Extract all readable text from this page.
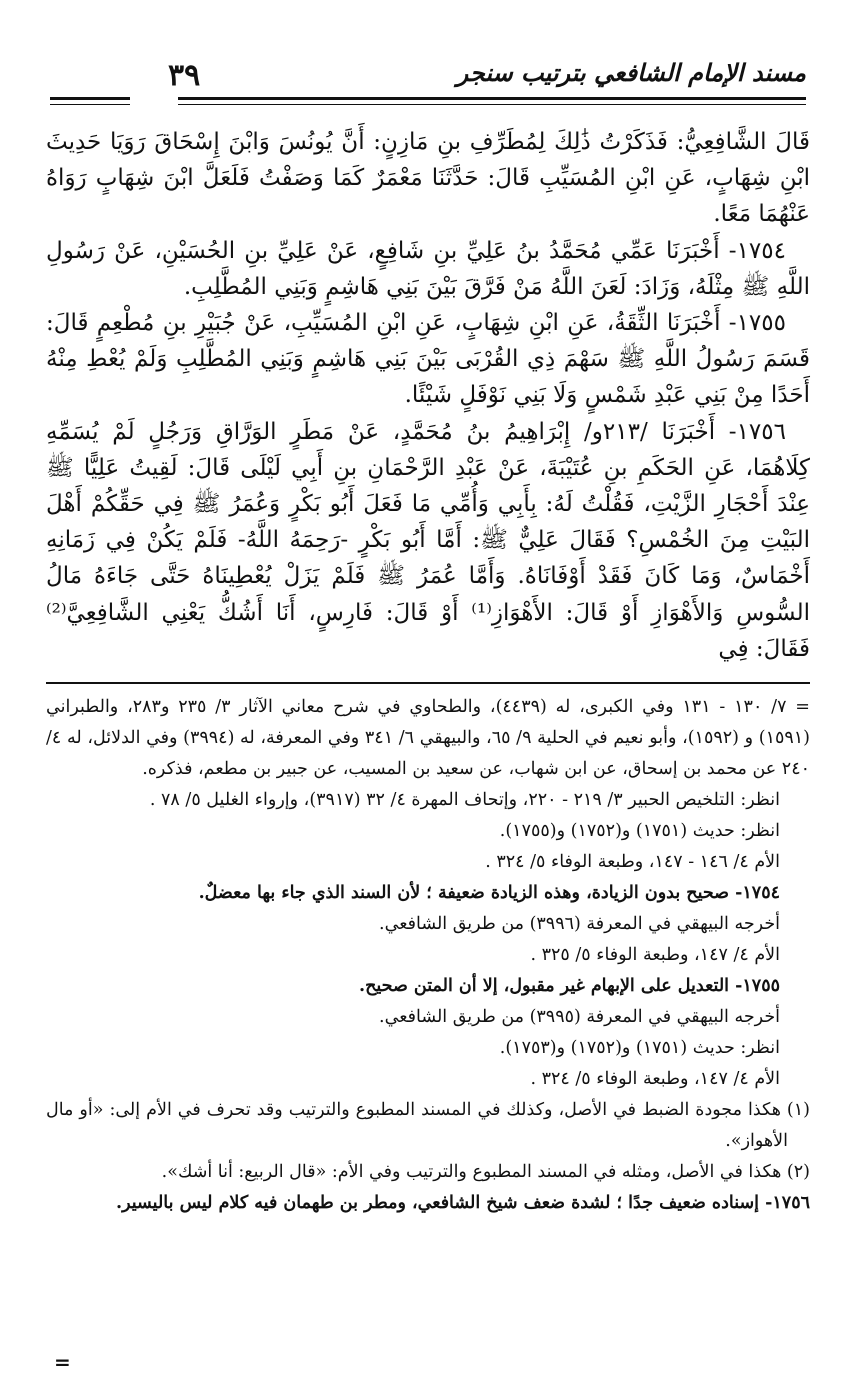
مسند الإمام الشافعي بترتيب سنجر
٣٩

قَالَ الشَّافِعِيُّ: فَذَكَرْتُ ذَٰلِكَ لِمُطَرِّفِ بنِ مَازِنٍ: أَنَّ يُونُسَ وَابْنَ إِسْحَاقَ رَوَيَا حَدِيثَ ابْنِ شِهَابٍ، عَنِ ابْنِ المُسَيِّبِ قَالَ: حَدَّثَنَا مَعْمَرٌ كَمَا وَصَفْتُ فَلَعَلَّ ابْنَ شِهَابٍ رَوَاهُ عَنْهُمَا مَعًا.

١٧٥٤- أَخْبَرَنَا عَمِّي مُحَمَّدُ بنُ عَلِيِّ بنِ شَافِعٍ، عَنْ عَلِيِّ بنِ الحُسَيْنِ، عَنْ رَسُولِ اللَّهِ ﷺ مِثْلَهُ، وَزَادَ: لَعَنَ اللَّهُ مَنْ فَرَّقَ بَيْنَ بَنِي هَاشِمٍ وَبَنِي المُطَّلِبِ.

١٧٥٥- أَخْبَرَنَا الثِّقَةُ، عَنِ ابْنِ شِهَابٍ، عَنِ ابْنِ المُسَيِّبِ، عَنْ جُبَيْرِ بنِ مُطْعِمٍ قَالَ: قَسَمَ رَسُولُ اللَّهِ ﷺ سَهْمَ ذِي القُرْبَى بَيْنَ بَنِي هَاشِمٍ وَبَنِي المُطَّلِبِ وَلَمْ يُعْطِ مِنْهُ أَحَدًا مِنْ بَنِي عَبْدِ شَمْسٍ وَلَا بَنِي نَوْفَلٍ شَيْئًا.

١٧٥٦- أَخْبَرَنَا /٢١٣و/ إِبْرَاهِيمُ بنُ مُحَمَّدٍ، عَنْ مَطَرٍ الوَرَّاقِ وَرَجُلٍ لَمْ يُسَمِّهِ كِلَاهُمَا، عَنِ الحَكَمِ بنِ عُتَيْبَةَ، عَنْ عَبْدِ الرَّحْمَانِ بنِ أَبِي لَيْلَى قَالَ: لَقِيتُ عَلِيًّا ﷺ عِنْدَ أَحْجَارِ الزَّيْتِ، فَقُلْتُ لَهُ: بِأَبِي وَأُمِّي مَا فَعَلَ أَبُو بَكْرٍ وَعُمَرُ ﷺ فِي حَقِّكُمْ أَهْلَ البَيْتِ مِنَ الخُمْسِ؟ فَقَالَ عَلِيٌّ ﷺ: أَمَّا أَبُو بَكْرٍ -رَحِمَهُ اللَّهُ- فَلَمْ يَكُنْ فِي زَمَانِهِ أَخْمَاسٌ، وَمَا كَانَ فَقَدْ أَوْفَانَاهُ. وَأَمَّا عُمَرُ ﷺ فَلَمْ يَزَلْ يُعْطِينَاهُ حَتَّى جَاءَهُ مَالُ السُّوسِ وَالأَهْوَازِ أَوْ قَالَ: الأَهْوَازِ⁽¹⁾ أَوْ قَالَ: فَارِسٍ، أَنَا أَشُكُّ يَعْنِي الشَّافِعِيَّ⁽²⁾ فَقَالَ: فِي

= ٧/ ١٣٠ - ١٣١ وفي الكبرى، له (٤٤٣٩)، والطحاوي في شرح معاني الآثار ٣/ ٢٣٥ و٢٨٣، والطبراني (١٥٩١) و (١٥٩٢)، وأبو نعيم في الحلية ٩/ ٦٥، والبيهقي ٦/ ٣٤١ وفي المعرفة، له (٣٩٩٤) وفي الدلائل، له ٤/ ٢٤٠ عن محمد بن إسحاق، عن ابن شهاب، عن سعيد بن المسيب، عن جبير بن مطعم، فذكره.

انظر: التلخيص الحبير ٣/ ٢١٩ - ٢٢٠، وإتحاف المهرة ٤/ ٣٢ (٣٩١٧)، وإرواء الغليل ٥/ ٧٨ .

انظر: حديث (١٧٥١) و(١٧٥٢) و(١٧٥٥).

الأم ٤/ ١٤٦ - ١٤٧، وطبعة الوفاء ٥/ ٣٢٤ .

١٧٥٤- صحيح بدون الزيادة، وهذه الزيادة ضعيفة ؛ لأن السند الذي جاء بها معضلٌ.

أخرجه البيهقي في المعرفة (٣٩٩٦) من طريق الشافعي.

الأم ٤/ ١٤٧، وطبعة الوفاء ٥/ ٣٢٥ .

١٧٥٥- التعديل على الإبهام غير مقبول، إلا أن المتن صحيح.

أخرجه البيهقي في المعرفة (٣٩٩٥) من طريق الشافعي.

انظر: حديث (١٧٥١) و(١٧٥٢) و(١٧٥٣).

الأم ٤/ ١٤٧، وطبعة الوفاء ٥/ ٣٢٤ .

(١) هكذا مجودة الضبط في الأصل، وكذلك في المسند المطبوع والترتيب وقد تحرف في الأم إلى: «أو مال الأهواز».

(٢) هكذا في الأصل، ومثله في المسند المطبوع والترتيب وفي الأم: «قال الربيع: أنا أشك».

١٧٥٦- إسناده ضعيف جدًا ؛ لشدة ضعف شيخ الشافعي، ومطر بن طهمان فيه كلام ليس باليسير.

=
